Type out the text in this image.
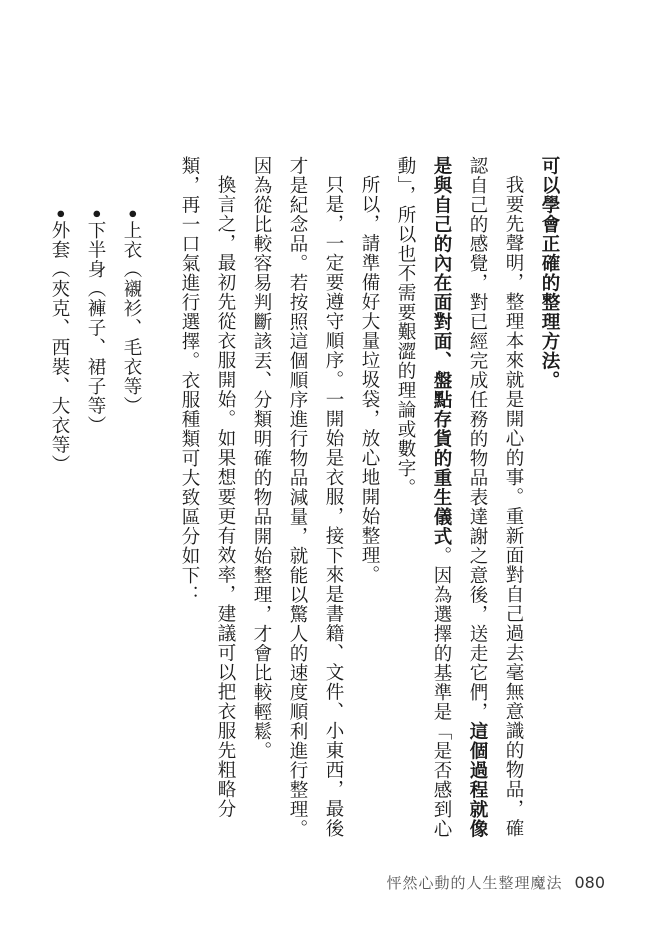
可以學會正確的整理方法。

我要先聲明，整理本來就是開心的事。重新面對自己過去毫無意識的物品，確認自己的感覺，對已經完成任務的物品表達謝之意後，送走它們，這個過程就像是與自己的內在面對面、盤點存貨的重生儀式。因為選擇的基準是「是否感到心動」，所以也不需要艱澀的理論或數字。

所以，請準備好大量垃圾袋，放心地開始整理。

只是，一定要遵守順序。一開始是衣服，接下來是書籍、文件、小東西，最後才是紀念品。若按照這個順序進行物品減量，就能以驚人的速度順利進行整理。因為從比較容易判斷該丟、分類明確的物品開始整理，才會比較輕鬆。

換言之，最初先從衣服開始。如果想要更有效率，建議可以把衣服先粗略分類，再一口氣進行選擇。衣服種類可大致區分如下：

•上衣（襯衫、毛衣等）

•下半身（褲子、裙子等）

•外套（夾克、西裝、大衣等）

怦然心動的人生整理魔法 080
